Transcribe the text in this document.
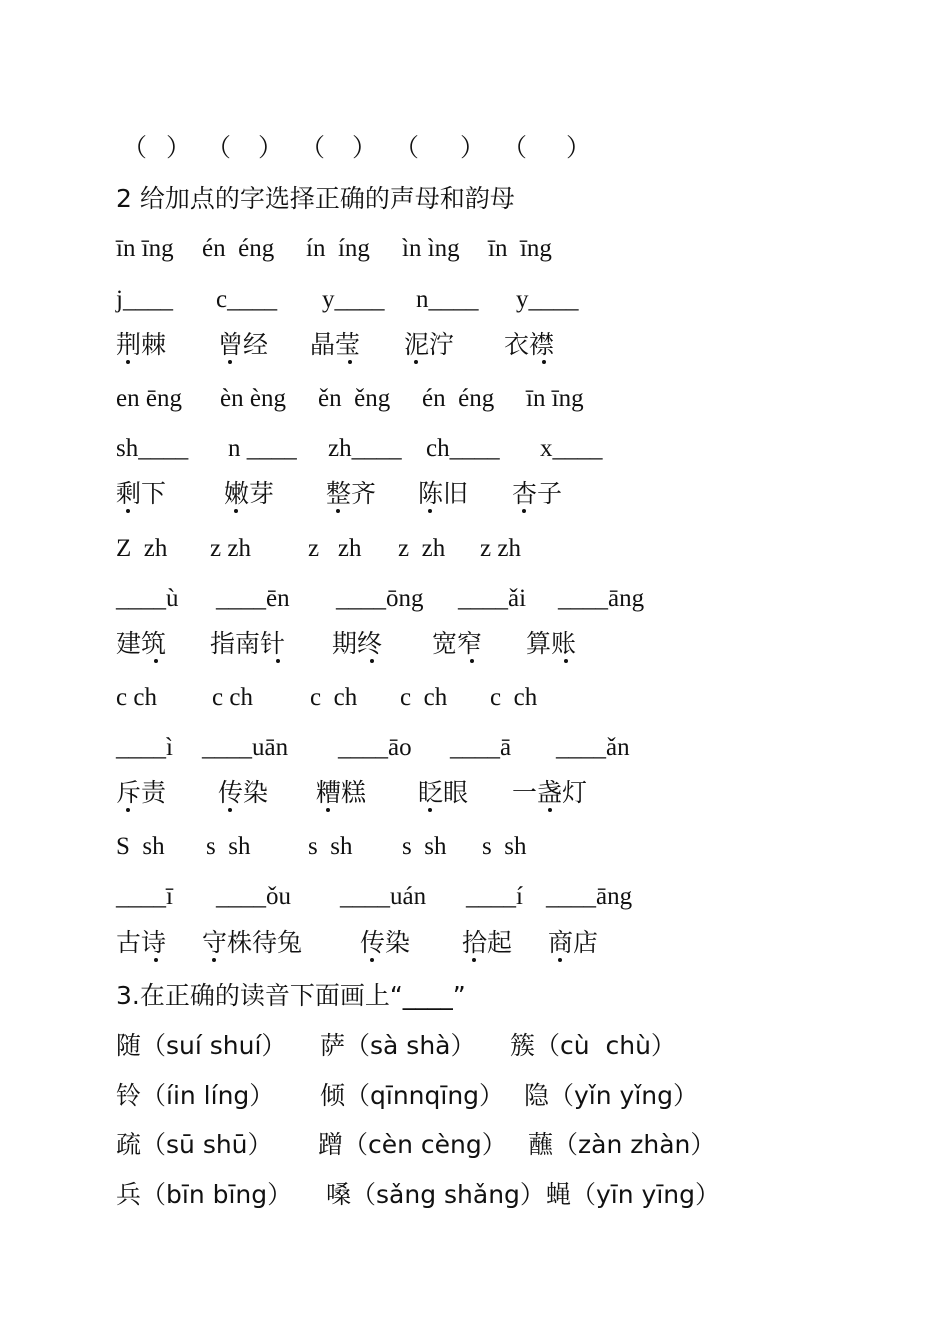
（

）

（

）

（

）

（

）

（

）

2 给加点的字选择正确的声母和韵母

īn īng

én  éng

ín  íng

ìn ìng

īn  īng

j____

c____

y____

n____

y____

荆棘

曾经

晶莹

泥泞

衣襟

en ēng

èn èng

ěn  ěng

én  éng

īn īng

sh____

n ____

zh____

ch____

x____

剩下

嫩芽

整齐

陈旧

杏子

Z  zh

z zh

z   zh

z  zh

z zh

____ù

____ēn

____ōng

____ǎi

____āng

建筑

指南针

期终

宽窄

算账

c ch

c ch

c  ch

c  ch

c  ch

____ì

____uān

____āo

____ā

____ǎn

斥责

传染

糟糕

眨眼

一盏灯

S  sh

s  sh

s  sh

s  sh

s  sh

____ī

____ǒu

____uán

____í

____āng

古诗

守株待兔

传染

拾起

商店

3.在正确的读音下面画上“____”

随（suí shuí）

萨（sà shà）

簇（cù  chù）

铃（íin líng）

倾（qīnnqīng）

隐（yǐn yǐng）

疏（sū shū）

蹭（cèn cèng）

蘸（zàn zhàn）

兵（bīn bīng）

嗓（sǎng shǎng）

蝇（yīn yīng）
